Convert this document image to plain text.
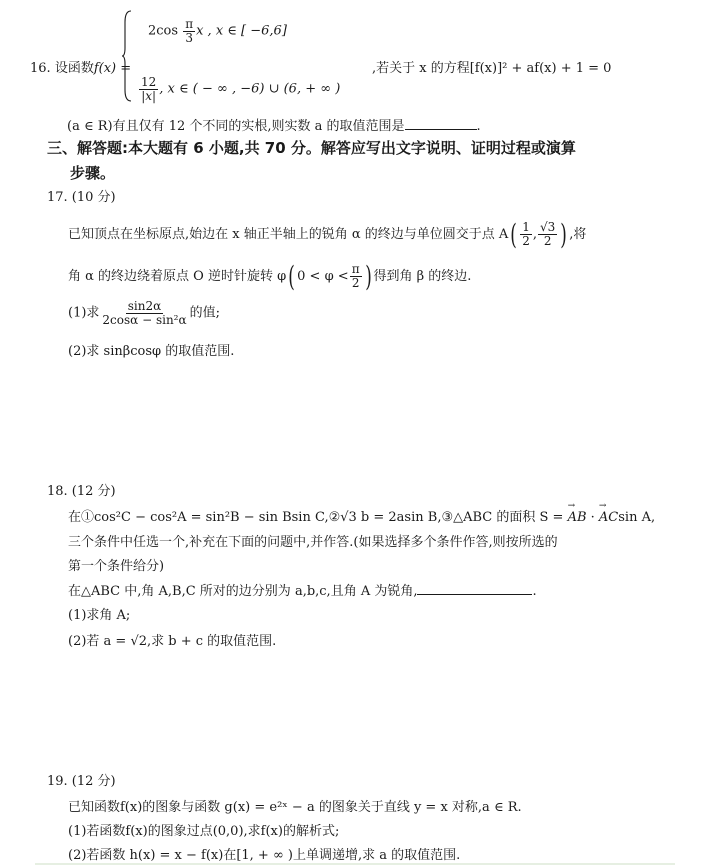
16. 设函数f(x) =
$2\cos \frac{\pi}{3}$ x , x ∈ [ −6,6]
$\frac{12}{|x|}$ , x ∈ ( − ∞ , −6) ∪ (6, + ∞ )
,若关于 x 的方程[f(x)]² + af(x) + 1 = 0
(a ∈ R)有且仅有 12 个不同的实根,则实数 a 的取值范围是	.
三、解答题:本大题有 6 小题,共 70 分。解答应写出文字说明、证明过程或演算
步骤。
17. (10 分)
已知顶点在坐标原点,始边在 x 轴正半轴上的锐角 α 的终边与单位圆交于点 $A( \frac{1}{2}$ , $\frac{√3}{2}$ ) ,将
角 α 的终边绕着原点 O 逆时针旋转 φ( $0 < \varphi < \frac{\pi}{2}$ ) 得到角 β 的终边.
(1)求 $\frac{\sin 2\alpha}{\text{2cosα − sin²α}}$ 的值;
(2)求 sinβcosφ 的取值范围.
18. (12 分)
在①cos²C − cos²A = sin²B − sin Bsin C,②√3 b = 2asin B,③△ABC 的面积 S = → AB · → ACsin A,
三个条件中任选一个,补充在下面的问题中,并作答.(如果选择多个条件作答,则按所选的
第一个条件给分)
在△ABC 中,角 A,B,C 所对的边分别为 a,b,c,且角 A 为锐角,	.
(1)求角 A;
(2)若 a = √2,求 b + c 的取值范围.
19. (12 分)
已知函数f(x)的图象与函数 g(x) = e²ˣ − a 的图象关于直线 y = x 对称,a ∈ R.
(1)若函数f(x)的图象过点(0,0),求f(x)的解析式;
(2)若函数 h(x) = x − f(x)在[1, + ∞ )上单调递增,求 a 的取值范围.
